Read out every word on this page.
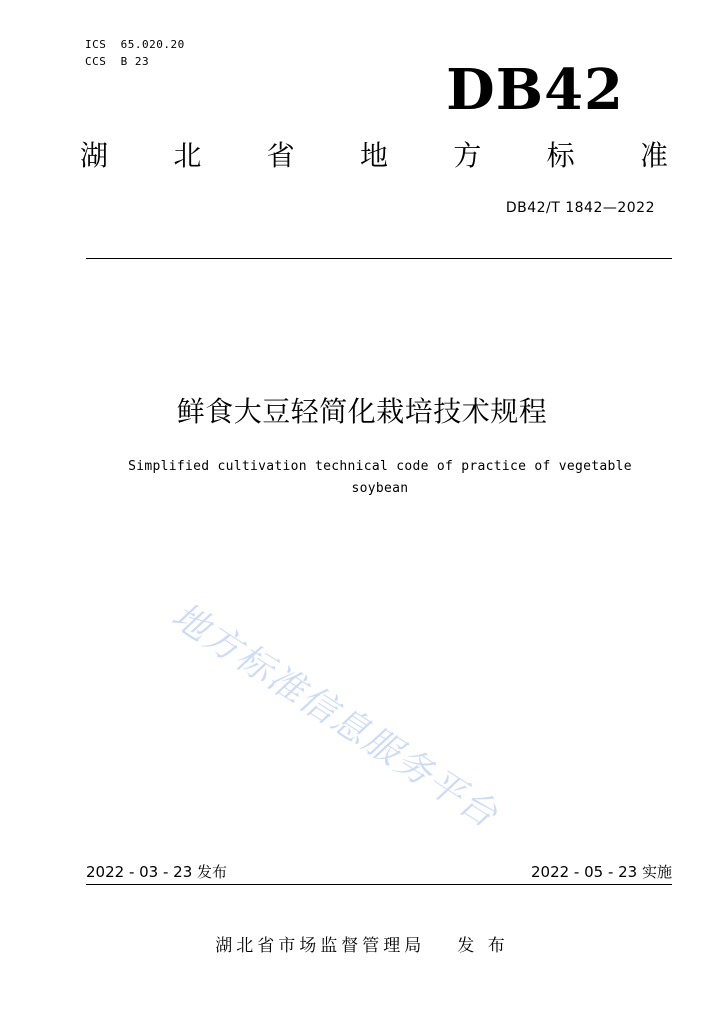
ICS  65.020.20
CCS  B 23	DB42
湖 北 省 地 方 标 准
DB42/T 1842—2022
鲜食大豆轻简化栽培技术规程
Simplified cultivation technical code of practice of vegetable
soybean
地方标准信息服务平台
2022 - 03 - 23 发布	2022 - 05 - 23 实施
湖北省市场监督管理局 发 布
